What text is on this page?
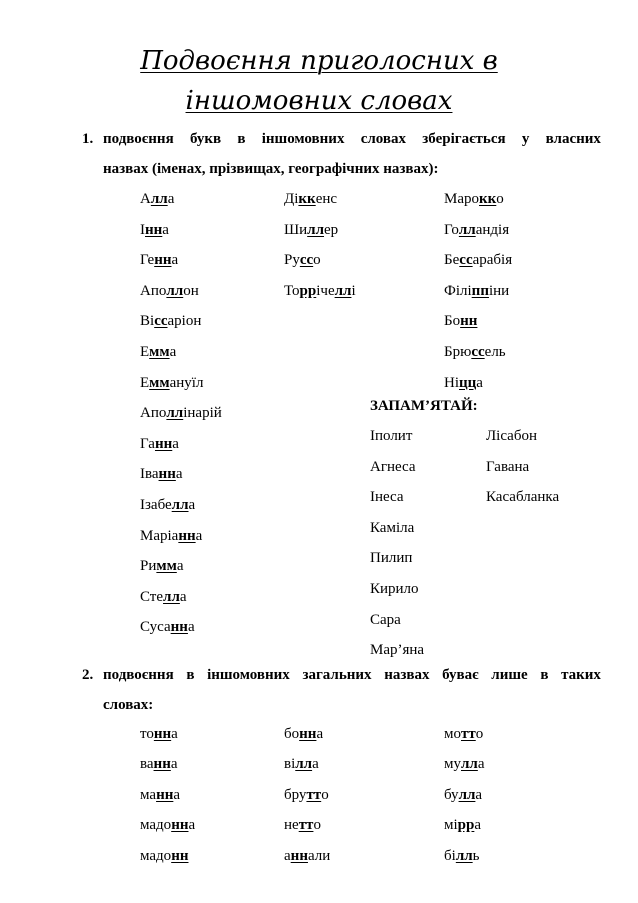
Подвоєння приголосних в
іншомовних словах
1. подвоєння букв в іншомовних словах зберігається у власних
назвах (іменах, прізвищах, географічних назвах):
Алла
Інна
Генна
Аполлон
Віссаріон
Емма
Еммануїл
Аполлінарій
Ганна
Іванна
Ізабелла
Маріанна
Римма
Стелла
Сусанна
Діккенс
Шиллер
Руссо
Торрічеллі
Марокко
Голландія
Бессарабія
Філіппіни
Бонн
Брюссель
Ніцца
ЗАПАМ’ЯТАЙ:
Іполит
Агнеса
Інеса
Каміла
Пилип
Кирило
Сара
Мар’яна
Лісабон
Гавана
Касабланка
2. подвоєння в іншомовних загальних назвах буває лише в таких
словах:
тонна
ванна
манна
мадонна
мадонн
бонна
вілла
брутто
нетто
аннали
мотто
мулла
булла
мірра
білль
